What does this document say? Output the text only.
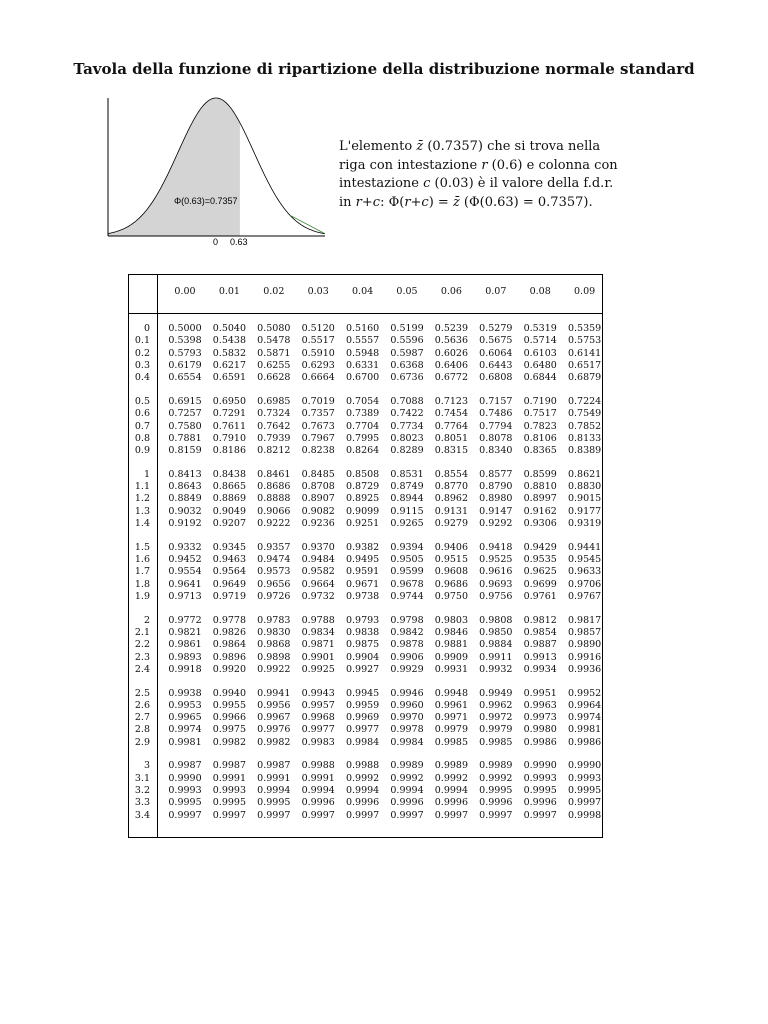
Tavola della funzione di ripartizione della distribuzione normale standard
Φ(0.63)=0.7357
0 0.63
L'elemento z̄ (0.7357) che si trova nella riga con intestazione r (0.6) e colonna con intestazione c (0.03) è il valore della f.d.r. in r+c: Φ(r+c) = z̄ (Φ(0.63) = 0.7357).
0.00	0.01	0.02	0.03	0.04	0.05	0.06	0.07	0.08	0.09
0	0.5000	0.5040	0.5080	0.5120	0.5160	0.5199	0.5239	0.5279	0.5319	0.5359
0.1	0.5398	0.5438	0.5478	0.5517	0.5557	0.5596	0.5636	0.5675	0.5714	0.5753
0.2	0.5793	0.5832	0.5871	0.5910	0.5948	0.5987	0.6026	0.6064	0.6103	0.6141
0.3	0.6179	0.6217	0.6255	0.6293	0.6331	0.6368	0.6406	0.6443	0.6480	0.6517
0.4	0.6554	0.6591	0.6628	0.6664	0.6700	0.6736	0.6772	0.6808	0.6844	0.6879
0.5	0.6915	0.6950	0.6985	0.7019	0.7054	0.7088	0.7123	0.7157	0.7190	0.7224
0.6	0.7257	0.7291	0.7324	0.7357	0.7389	0.7422	0.7454	0.7486	0.7517	0.7549
0.7	0.7580	0.7611	0.7642	0.7673	0.7704	0.7734	0.7764	0.7794	0.7823	0.7852
0.8	0.7881	0.7910	0.7939	0.7967	0.7995	0.8023	0.8051	0.8078	0.8106	0.8133
0.9	0.8159	0.8186	0.8212	0.8238	0.8264	0.8289	0.8315	0.8340	0.8365	0.8389
1	0.8413	0.8438	0.8461	0.8485	0.8508	0.8531	0.8554	0.8577	0.8599	0.8621
1.1	0.8643	0.8665	0.8686	0.8708	0.8729	0.8749	0.8770	0.8790	0.8810	0.8830
1.2	0.8849	0.8869	0.8888	0.8907	0.8925	0.8944	0.8962	0.8980	0.8997	0.9015
1.3	0.9032	0.9049	0.9066	0.9082	0.9099	0.9115	0.9131	0.9147	0.9162	0.9177
1.4	0.9192	0.9207	0.9222	0.9236	0.9251	0.9265	0.9279	0.9292	0.9306	0.9319
1.5	0.9332	0.9345	0.9357	0.9370	0.9382	0.9394	0.9406	0.9418	0.9429	0.9441
1.6	0.9452	0.9463	0.9474	0.9484	0.9495	0.9505	0.9515	0.9525	0.9535	0.9545
1.7	0.9554	0.9564	0.9573	0.9582	0.9591	0.9599	0.9608	0.9616	0.9625	0.9633
1.8	0.9641	0.9649	0.9656	0.9664	0.9671	0.9678	0.9686	0.9693	0.9699	0.9706
1.9	0.9713	0.9719	0.9726	0.9732	0.9738	0.9744	0.9750	0.9756	0.9761	0.9767
2	0.9772	0.9778	0.9783	0.9788	0.9793	0.9798	0.9803	0.9808	0.9812	0.9817
2.1	0.9821	0.9826	0.9830	0.9834	0.9838	0.9842	0.9846	0.9850	0.9854	0.9857
2.2	0.9861	0.9864	0.9868	0.9871	0.9875	0.9878	0.9881	0.9884	0.9887	0.9890
2.3	0.9893	0.9896	0.9898	0.9901	0.9904	0.9906	0.9909	0.9911	0.9913	0.9916
2.4	0.9918	0.9920	0.9922	0.9925	0.9927	0.9929	0.9931	0.9932	0.9934	0.9936
2.5	0.9938	0.9940	0.9941	0.9943	0.9945	0.9946	0.9948	0.9949	0.9951	0.9952
2.6	0.9953	0.9955	0.9956	0.9957	0.9959	0.9960	0.9961	0.9962	0.9963	0.9964
2.7	0.9965	0.9966	0.9967	0.9968	0.9969	0.9970	0.9971	0.9972	0.9973	0.9974
2.8	0.9974	0.9975	0.9976	0.9977	0.9977	0.9978	0.9979	0.9979	0.9980	0.9981
2.9	0.9981	0.9982	0.9982	0.9983	0.9984	0.9984	0.9985	0.9985	0.9986	0.9986
3	0.9987	0.9987	0.9987	0.9988	0.9988	0.9989	0.9989	0.9989	0.9990	0.9990
3.1	0.9990	0.9991	0.9991	0.9991	0.9992	0.9992	0.9992	0.9992	0.9993	0.9993
3.2	0.9993	0.9993	0.9994	0.9994	0.9994	0.9994	0.9994	0.9995	0.9995	0.9995
3.3	0.9995	0.9995	0.9995	0.9996	0.9996	0.9996	0.9996	0.9996	0.9996	0.9997
3.4	0.9997	0.9997	0.9997	0.9997	0.9997	0.9997	0.9997	0.9997	0.9997	0.9998
